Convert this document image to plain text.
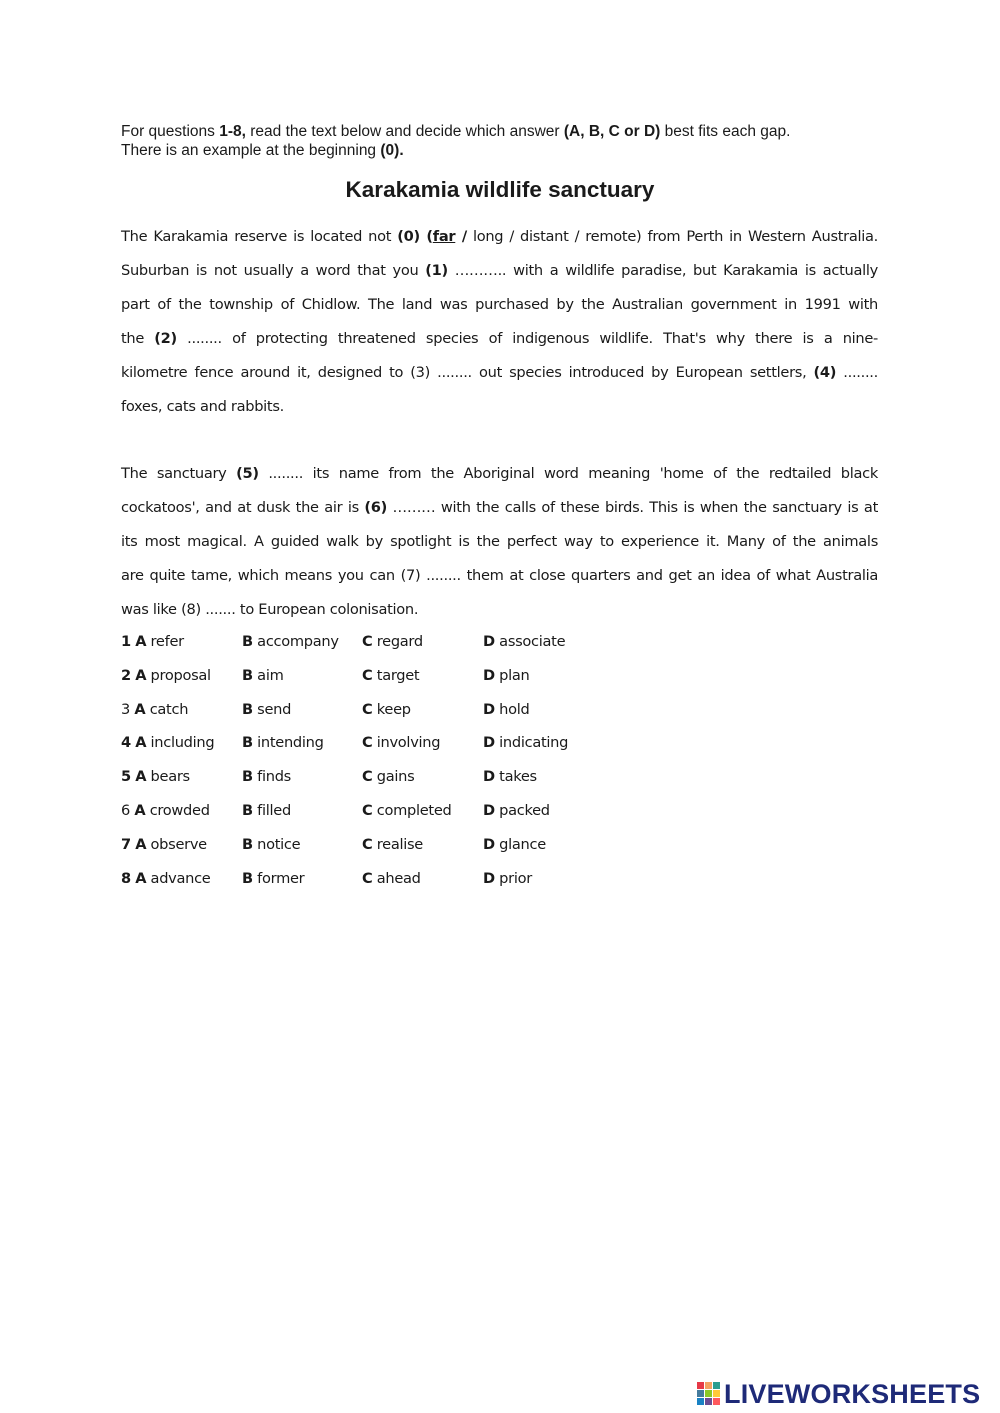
For questions 1-8, read the text below and decide which answer (A, B, C or D) best fits each gap.
There is an example at the beginning (0).
Karakamia wildlife sanctuary
The Karakamia reserve is located not (0) (far / long / distant / remote) from Perth in Western Australia.
Suburban is not usually a word that you (1) ……….. with a wildlife paradise, but Karakamia is actually
part of the township of Chidlow. The land was purchased by the Australian government in 1991 with
the (2) ........ of protecting threatened species of indigenous wildlife. That's why there is a nine-
kilometre fence around it, designed to (3) ........ out species introduced by European settlers, (4) ........
foxes, cats and rabbits.
The sanctuary (5) ........ its name from the Aboriginal word meaning 'home of the redtailed black
cockatoos', and at dusk the air is (6) ……… with the calls of these birds. This is when the sanctuary is at
its most magical. A guided walk by spotlight is the perfect way to experience it. Many of the animals
are quite tame, which means you can (7) ........ them at close quarters and get an idea of what Australia
was like (8) ....... to European colonisation.
1 A refer	B accompany C regard	D associate
2 A proposal B aim	C target	D plan
3 A catch	B send	C keep	D hold
4 A including B intending	C involving	D indicating
5 A bears	B finds	C gains	D takes
6 A crowded B filled	C completed D packed
7 A observe B notice	C realise	D glance
8 A advance B former	C ahead	D prior
LIVEWORKSHEETS
